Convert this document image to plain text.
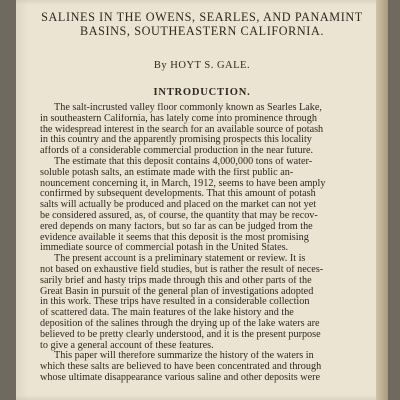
SALINES IN THE OWENS, SEARLES, AND PANAMINT

BASINS, SOUTHEASTERN CALIFORNIA.

By HOYT S. GALE.

INTRODUCTION.

The salt-incrusted valley floor commonly known as Searles Lake,
in southeastern California, has lately come into prominence through
the widespread interest in the search for an available source of potash
in this country and the apparently promising prospects this locality
affords of a considerable commercial production in the near future.
The estimate that this deposit contains 4,000,000 tons of water-
soluble potash salts, an estimate made with the first public an-
nouncement concerning it, in March, 1912, seems to have been amply
confirmed by subsequent developments. That this amount of potash
salts will actually be produced and placed on the market can not yet
be considered assured, as, of course, the quantity that may be recov-
ered depends on many factors, but so far as can be judged from the
evidence available it seems that this deposit is the most promising
immediate source of commercial potash in the United States.
The present account is a preliminary statement or review. It is
not based on exhaustive field studies, but is rather the result of neces-
sarily brief and hasty trips made through this and other parts of the
Great Basin in pursuit of the general plan of investigations adopted
in this work. These trips have resulted in a considerable collection
of scattered data. The main features of the lake history and the
deposition of the salines through the drying up of the lake waters are
believed to be pretty clearly understood, and it is the present purpose
to give a general account of these features.
This paper will therefore summarize the history of the waters in
which these salts are believed to have been concentrated and through
whose ultimate disappearance various saline and other deposits were
